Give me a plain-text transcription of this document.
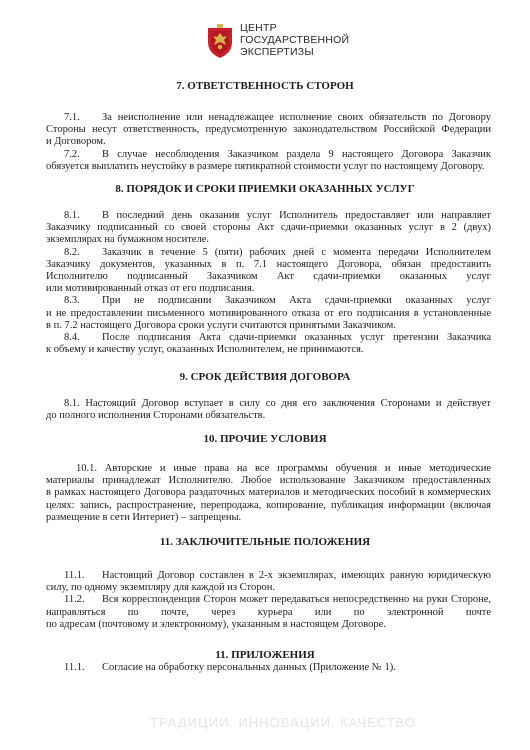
ЦЕНТР
ГОСУДАРСТВЕННОЙ
ЭКСПЕРТИЗЫ
7. ОТВЕТСТВЕННОСТЬ СТОРОН
7.1. За неисполнение или ненадлежащее исполнение своих обязательств по Договору
Стороны несут ответственность, предусмотренную законодательством Российской Федерации
и Договором.
7.2. В случае несоблюдения Заказчиком раздела 9 настоящего Договора Заказчик
обязуется выплатить неустойку в размере пятикратной стоимости услуг по настоящему Договору.
8. ПОРЯДОК И СРОКИ ПРИЕМКИ ОКАЗАННЫХ УСЛУГ
8.1. В последний день оказания услуг Исполнитель предоставляет или направляет
Заказчику подписанный со своей стороны Акт сдачи-приемки оказанных услуг в 2 (двух)
экземплярах на бумажном носителе.
8.2. Заказчик в течение 5 (пяти) рабочих дней с момента передачи Исполнителем
Заказчику документов, указанных в п. 7.1 настоящего Договора, обязан предоставить
Исполнителю подписанный Заказчиком Акт сдачи-приемки оказанных услуг
или мотивированный отказ от его подписания.
8.3. При не подписании Заказчиком Акта сдачи-приемки оказанных услуг
и не предоставлении письменного мотивированного отказа от его подписания в установленные
в п. 7.2 настоящего Договора сроки услуги считаются принятыми Заказчиком.
8.4. После подписания Акта сдачи-приемки оказанных услуг претензии Заказчика
к объему и качеству услуг, оказанных Исполнителем, не принимаются.
9. СРОК ДЕЙСТВИЯ ДОГОВОРА
8.1. Настоящий Договор вступает в силу со дня его заключения Сторонами и действует
до полного исполнения Сторонами обязательств.
10. ПРОЧИЕ УСЛОВИЯ
10.1. Авторские и иные права на все программы обучения и иные методические
материалы принадлежат Исполнителю. Любое использование Заказчиком предоставленных
в рамках настоящего Договора раздаточных материалов и методических пособий в коммерческих
целях: запись, распространение, перепродажа, копирование, публикация информации (включая
размещение в сети Интернет) – запрещены.
11. ЗАКЛЮЧИТЕЛЬНЫЕ ПОЛОЖЕНИЯ
11.1. Настоящий Договор составлен в 2-х экземплярах, имеющих равную юридическую
силу, по одному экземпляру для каждой из Сторон.
11.2. Вся корреспонденция Сторон может передаваться непосредственно на руки Стороне,
направляться по почте, через курьера или по электронной почте
по адресам (почтовому и электронному), указанным в настоящем Договоре.
11. ПРИЛОЖЕНИЯ
11.1. Согласие на обработку персональных данных (Приложение № 1).
ТРАДИЦИИ. ИННОВАЦИИ. КАЧЕСТВО
